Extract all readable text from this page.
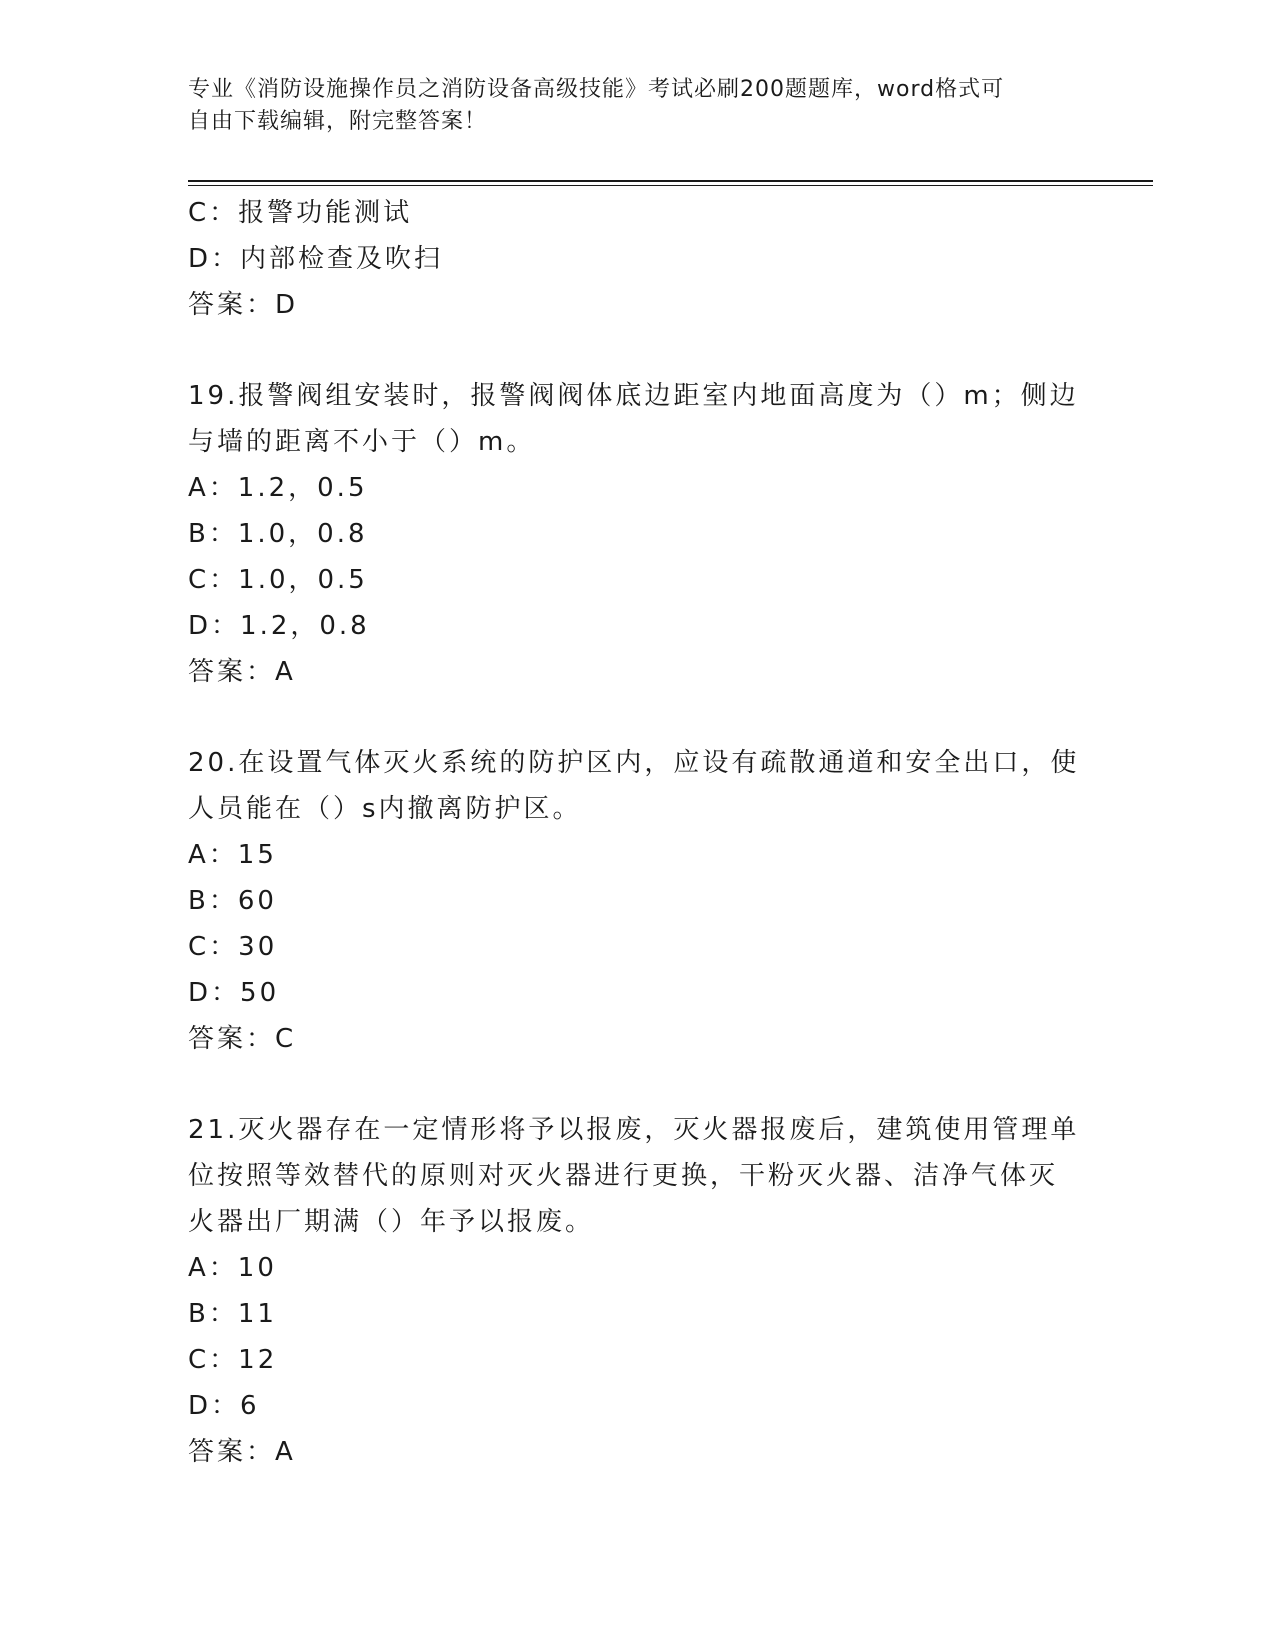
专业《消防设施操作员之消防设备高级技能》考试必刷200题题库，word格式可
自由下载编辑，附完整答案！
C：报警功能测试
D：内部检查及吹扫
答案：D
19.报警阀组安装时，报警阀阀体底边距室内地面高度为（）m；侧边
与墙的距离不小于（）m。
A：1.2，0.5
B：1.0，0.8
C：1.0，0.5
D：1.2，0.8
答案：A
20.在设置气体灭火系统的防护区内，应设有疏散通道和安全出口，使
人员能在（）s内撤离防护区。
A：15
B：60
C：30
D：50
答案：C
21.灭火器存在一定情形将予以报废，灭火器报废后，建筑使用管理单
位按照等效替代的原则对灭火器进行更换，干粉灭火器、洁净气体灭
火器出厂期满（）年予以报废。
A：10
B：11
C：12
D：6
答案：A
